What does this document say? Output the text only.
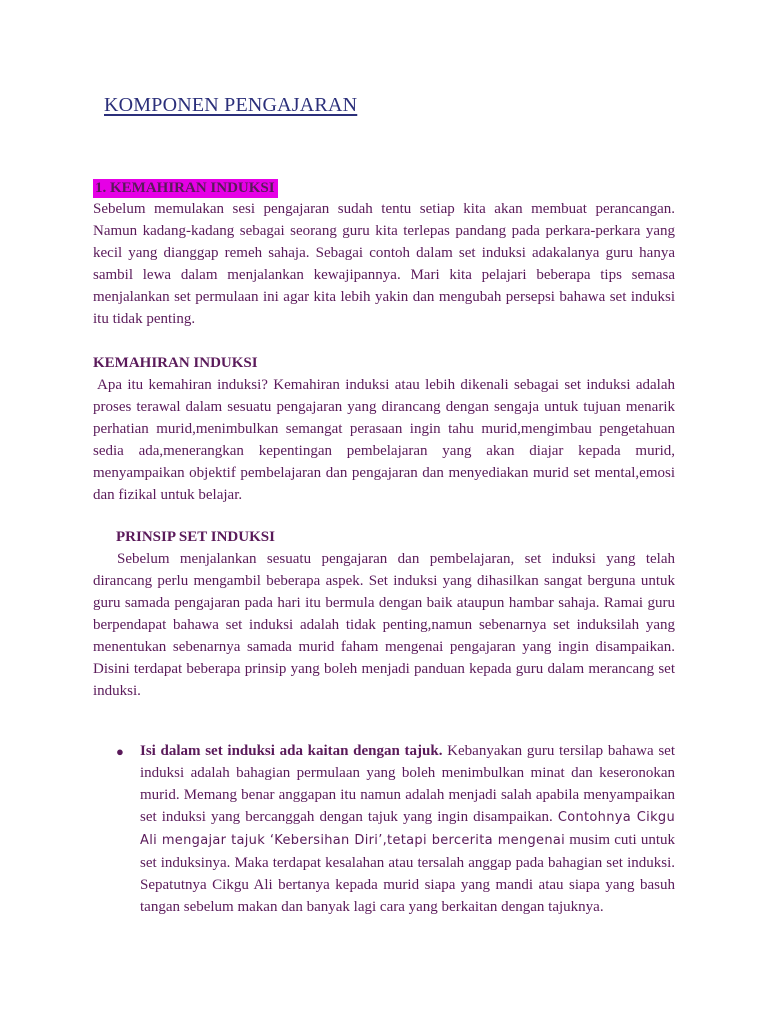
KOMPONEN PENGAJARAN
1. KEMAHIRAN INDUKSI

Sebelum memulakan sesi pengajaran sudah tentu setiap kita akan membuat perancangan. Namun kadang-kadang sebagai seorang guru kita terlepas pandang pada perkara-perkara yang kecil yang dianggap remeh sahaja. Sebagai contoh dalam set induksi adakalanya guru hanya sambil lewa dalam menjalankan kewajipannya. Mari kita pelajari beberapa tips semasa menjalankan set permulaan ini agar kita lebih yakin dan mengubah persepsi bahawa set induksi itu tidak penting.

KEMAHIRAN INDUKSI

Apa itu kemahiran induksi? Kemahiran induksi atau lebih dikenali sebagai set induksi adalah proses terawal dalam sesuatu pengajaran yang dirancang dengan sengaja untuk tujuan menarik perhatian murid,menimbulkan semangat perasaan ingin tahu murid,mengimbau pengetahuan sedia ada,menerangkan kepentingan pembelajaran yang akan diajar kepada murid, menyampaikan objektif pembelajaran dan pengajaran dan menyediakan murid set mental,emosi dan fizikal untuk belajar.

PRINSIP SET INDUKSI

Sebelum menjalankan sesuatu pengajaran dan pembelajaran, set induksi yang telah dirancang perlu mengambil beberapa aspek. Set induksi yang dihasilkan sangat berguna untuk guru samada pengajaran pada hari itu bermula dengan baik ataupun hambar sahaja. Ramai guru berpendapat bahawa set induksi adalah tidak penting,namun sebenarnya set induksilah yang menentukan sebenarnya samada murid faham mengenai pengajaran yang ingin disampaikan. Disini terdapat beberapa prinsip yang boleh menjadi panduan kepada guru dalam merancang set induksi.

● Isi dalam set induksi ada kaitan dengan tajuk. Kebanyakan guru tersilap bahawa set induksi adalah bahagian permulaan yang boleh menimbulkan minat dan keseronokan murid. Memang benar anggapan itu namun adalah menjadi salah apabila menyampaikan set induksi yang bercanggah dengan tajuk yang ingin disampaikan. Contohnya Cikgu Ali mengajar tajuk ‘Kebersihan Diri’,tetapi bercerita mengenai musim cuti untuk set induksinya. Maka terdapat kesalahan atau tersalah anggap pada bahagian set induksi. Sepatutnya Cikgu Ali bertanya kepada murid siapa yang mandi atau siapa yang basuh tangan sebelum makan dan banyak lagi cara yang berkaitan dengan tajuknya.
